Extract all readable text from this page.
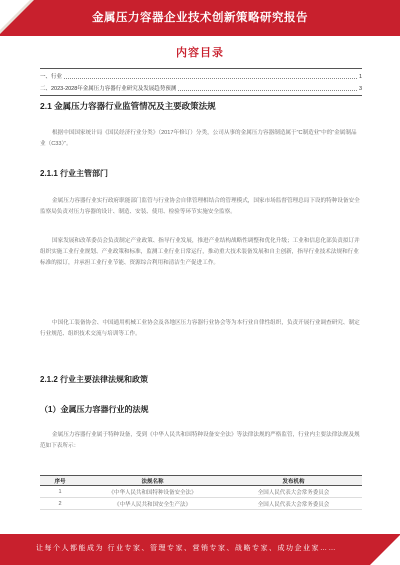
金属压力容器企业技术创新策略研究报告
内容目录
一、行业	1
二、2023-2028年金属压力容器行业研究及发展趋势预测	3
2.1 金属压力容器行业监管情况及主要政策法规

根据中国国家统计局《国民经济行业分类》（2017年修订）分类，公司从事的金属压力容器制造属于“C制造业”中的“金属制品业（C33）”。

2.1.1 行业主管部门

金属压力容器行业实行政府职能部门监管与行业协会自律管理相结合的管理模式，国家市场监督管理总局下设的特种设备安全监察局负责对压力容器的设计、制造、安装、使用、检验等环节实施安全监察。

国家发展和改革委员会负责制定产业政策、指导行业发展，推进产业结构战略性调整和优化升级；工业和信息化部负责拟订并组织实施工业行业规划、产业政策和标准，监测工业行业日常运行，推动重大技术装备发展和自主创新，指导行业技术法规和行业标准的拟订，并承担工业行业节能、资源综合利用和清洁生产促进工作。

中国化工装备协会、中国通用机械工业协会及各地区压力容器行业协会等为本行业自律性组织，负责开展行业调查研究、制定行业规范、组织技术交流与培训等工作。

2.1.2 行业主要法律法规和政策
（1）金属压力容器行业的法规

金属压力容器行业属于特种设备，受到《中华人民共和国特种设备安全法》等法律法规的严格监管，行业内主要法律法规及规范如下表所示：

序号	法规名称	发布机构
1	《中华人民共和国特种设备安全法》	全国人民代表大会常务委员会
2	《中华人民共和国安全生产法》	全国人民代表大会常务委员会
让每个人都能成为 行业专家、管理专家、营销专家、战略专家、成功企业家……
